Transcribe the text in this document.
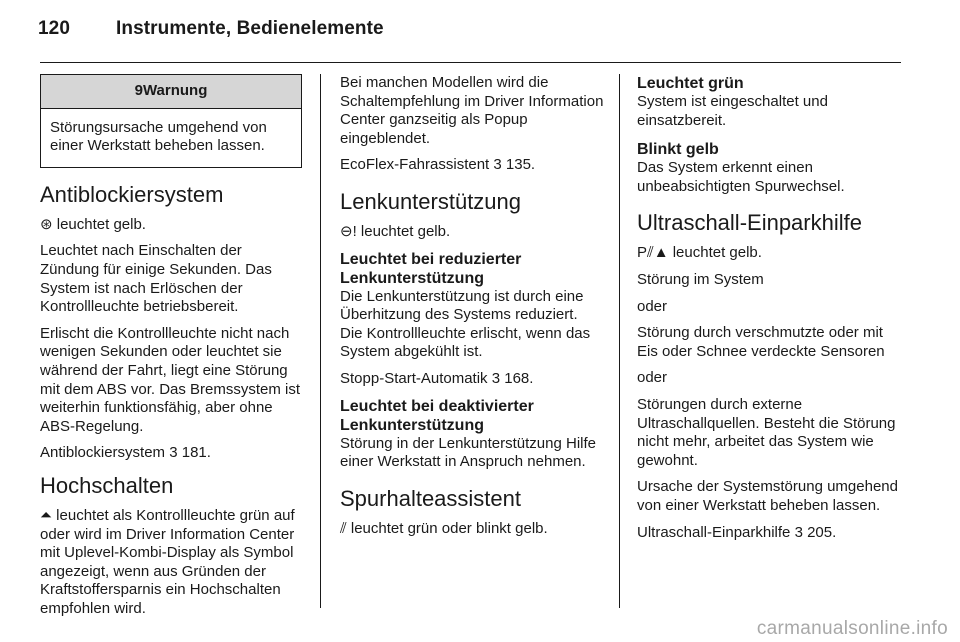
120 Instrumente, Bedienelemente
9Warnung
Störungsursache umgehend von einer Werkstatt beheben lassen.
Antiblockiersystem

⊛ leuchtet gelb.

Leuchtet nach Einschalten der Zündung für einige Sekunden. Das System ist nach Erlöschen der Kontrollleuchte betriebsbereit.

Erlischt die Kontrollleuchte nicht nach wenigen Sekunden oder leuchtet sie während der Fahrt, liegt eine Störung mit dem ABS vor. Das Bremssystem ist weiterhin funktionsfähig, aber ohne ABS-Regelung.

Antiblockiersystem 3 181.

Hochschalten

⏶ leuchtet als Kontrollleuchte grün auf oder wird im Driver Information Center mit Uplevel-Kombi-Display als Symbol angezeigt, wenn aus Gründen der Kraftstoffersparnis ein Hochschalten empfohlen wird.

Bei manchen Modellen wird die Schaltempfehlung im Driver Information Center ganzseitig als Popup eingeblendet.

EcoFlex-Fahrassistent 3 135.

Lenkunterstützung

⊖! leuchtet gelb.

Leuchtet bei reduzierter Lenkunterstützung

Die Lenkunterstützung ist durch eine Überhitzung des Systems reduziert. Die Kontrollleuchte erlischt, wenn das System abgekühlt ist.

Stopp-Start-Automatik 3 168.

Leuchtet bei deaktivierter Lenkunterstützung

Störung in der Lenkunterstützung Hilfe einer Werkstatt in Anspruch nehmen.

Spurhalteassistent

⫽ leuchtet grün oder blinkt gelb.

Leuchtet grün

System ist eingeschaltet und einsatzbereit.

Blinkt gelb

Das System erkennt einen unbeabsichtigten Spurwechsel.

Ultraschall-Einparkhilfe

P⫽▲ leuchtet gelb.

Störung im System

oder

Störung durch verschmutzte oder mit Eis oder Schnee verdeckte Sensoren

oder

Störungen durch externe Ultraschallquellen. Besteht die Störung nicht mehr, arbeitet das System wie gewohnt.

Ursache der Systemstörung umgehend von einer Werkstatt beheben lassen.

Ultraschall-Einparkhilfe 3 205.

carmanualsonline.info
